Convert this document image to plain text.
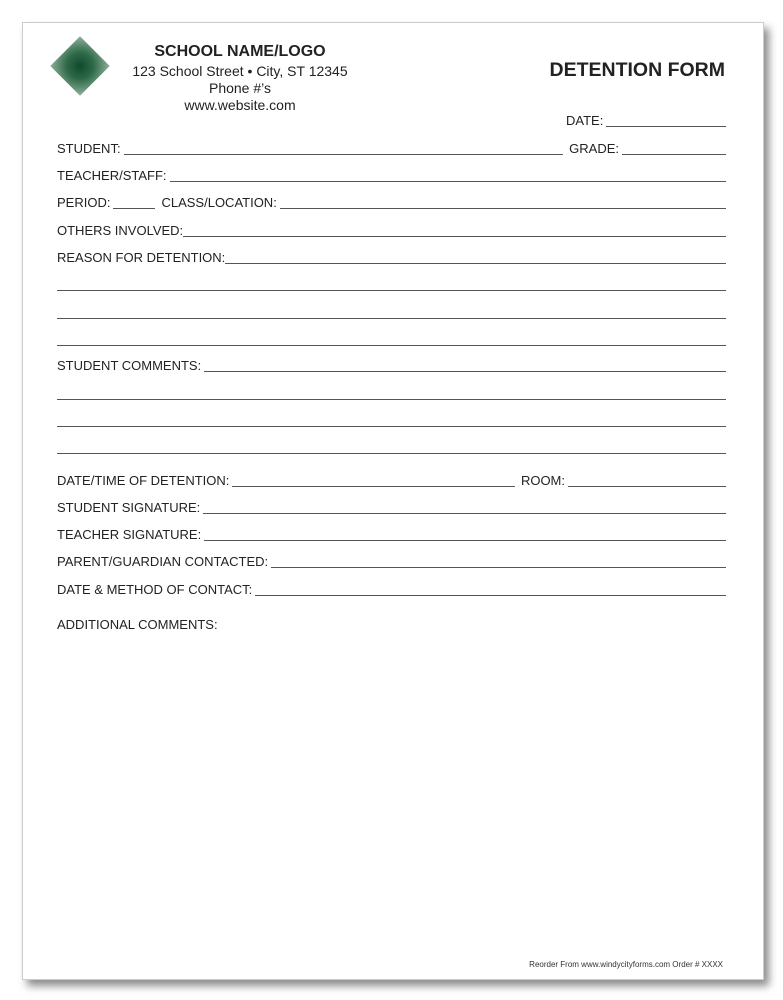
SCHOOL NAME/LOGO
123 School Street • City, ST 12345
Phone #’s
www.website.com
DETENTION FORM
DATE:
STUDENT:	GRADE:
TEACHER/STAFF:
PERIOD:	CLASS/LOCATION:
OTHERS INVOLVED:
REASON FOR DETENTION:
STUDENT COMMENTS:
DATE/TIME OF DETENTION:	ROOM:
STUDENT SIGNATURE:
TEACHER SIGNATURE:
PARENT/GUARDIAN CONTACTED:
DATE & METHOD OF CONTACT:
ADDITIONAL COMMENTS:
Reorder From www.windycityforms.com Order # XXXX
